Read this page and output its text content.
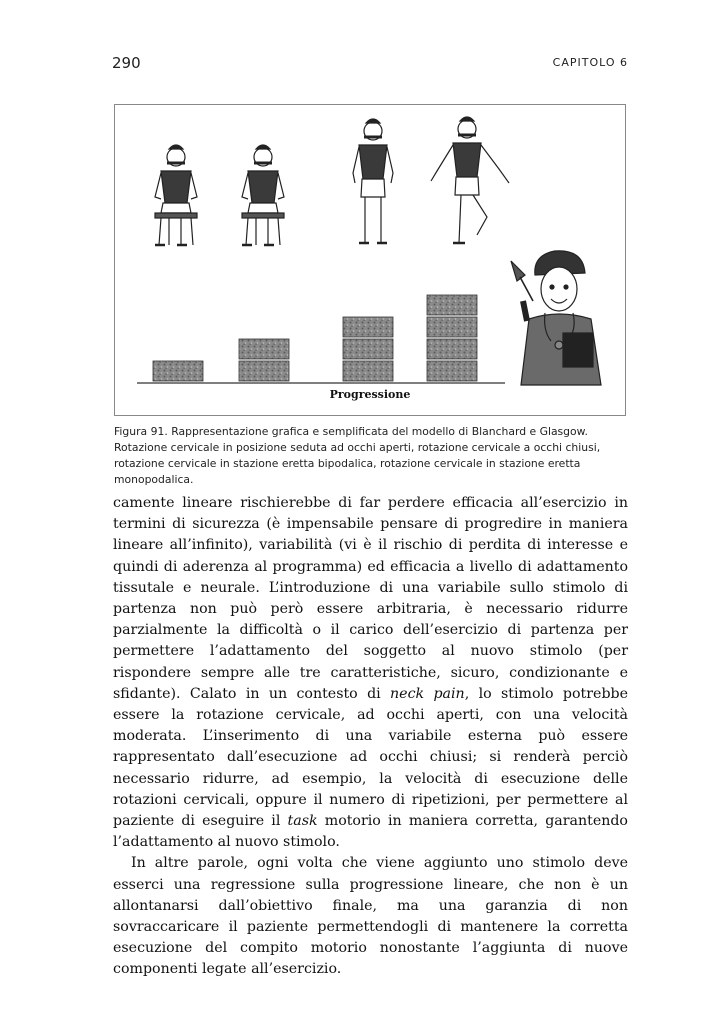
290	CAPITOLO 6
Progressione
Figura 91. Rappresentazione grafica e semplificata del modello di Blanchard e Glasgow. Rotazione cervicale in posizione seduta ad occhi aperti, rotazione cervicale a occhi chiusi, rotazione cervicale in stazione eretta bipodalica, rotazione cervicale in stazione eretta monopodalica.

camente lineare rischierebbe di far perdere efficacia all’esercizio in termini di sicurezza (è impensabile pensare di progredire in maniera lineare all’infinito), variabilità (vi è il rischio di perdita di interesse e quindi di aderenza al programma) ed efficacia a livello di adattamento tissutale e neurale. L’introduzione di una variabile sullo stimolo di partenza non può però essere arbitraria, è necessario ridurre parzialmente la difficoltà o il carico dell’esercizio di partenza per permettere l’adattamento del soggetto al nuovo stimolo (per rispondere sempre alle tre caratteristiche, sicuro, condizionante e sfidante). Calato in un contesto di neck pain, lo stimolo potrebbe essere la rotazione cervicale, ad occhi aperti, con una velocità moderata. L’inserimento di una variabile esterna può essere rappresentato dall’esecuzione ad occhi chiusi; si renderà perciò necessario ridurre, ad esempio, la velocità di esecuzione delle rotazioni cervicali, oppure il numero di ripetizioni, per permettere al paziente di eseguire il task motorio in maniera corretta, garantendo l’adattamento al nuovo stimolo.

In altre parole, ogni volta che viene aggiunto uno stimolo deve esserci una regressione sulla progressione lineare, che non è un allontanarsi dall’obiettivo finale, ma una garanzia di non sovraccaricare il paziente permettendogli di mantenere la corretta esecuzione del compito motorio nonostante l’aggiunta di nuove componenti legate all’esercizio.
